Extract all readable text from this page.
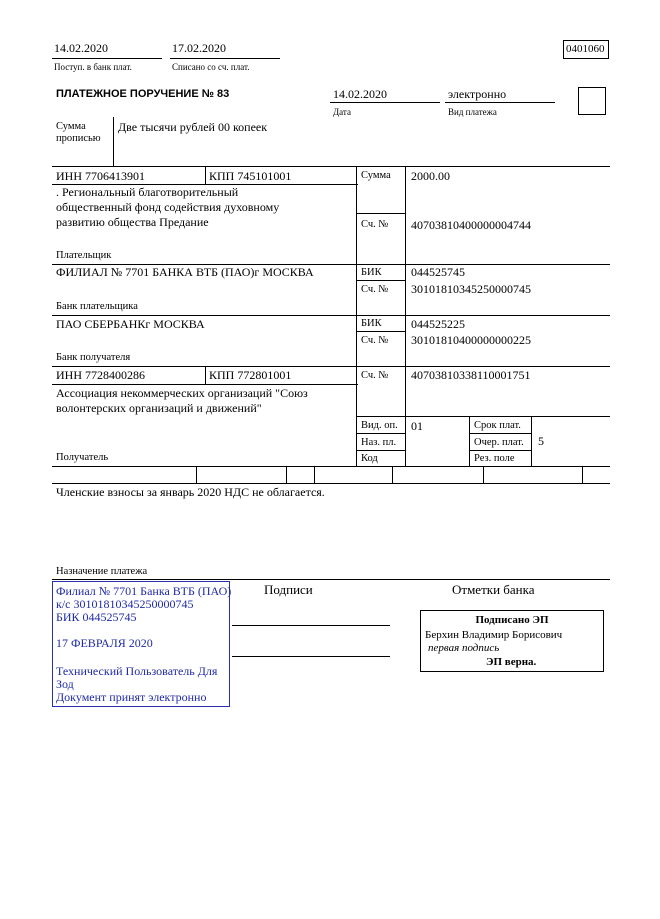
14.02.2020
Поступ. в банк плат.
17.02.2020
Списано со сч. плат.
0401060
ПЛАТЕЖНОЕ ПОРУЧЕНИЕ № 83	14.02.2020
Дата
электронно
Вид платежа
Сумма
прописью
Две тысячи рублей 00 копеек
ИНН 7706413901	КПП 745101001
. Региональный благотворительный
общественный фонд содействия духовному
развитию общества Предание
Плательщик
Сумма 2000.00
Сч. № 40703810400000004744
ФИЛИАЛ № 7701 БАНКА ВТБ (ПАО)г МОСКВА
Банк плательщика
БИК 044525745
Сч. № 30101810345250000745
ПАО СБЕРБАНКг МОСКВА
Банк получателя
БИК 044525225
Сч. № 30101810400000000225
ИНН 7728400286	КПП 772801001
Ассоциация некоммерческих организаций "Союз
волонтерских организаций и движений"
Получатель
Сч. № 40703810338110001751
Вид. оп. 01
Наз. пл.
Код
Срок плат.
Очер. плат. 5
Рез. поле
Членские взносы за январь 2020 НДС не облагается.
Назначение платежа
Подписи	Отметки банка
Филиал № 7701 Банка ВТБ (ПАО)
к/с 30101810345250000745
БИК 044525745
17 ФЕВРАЛЯ 2020
Технический Пользователь Для
Зод
Документ принят электронно
Подписано ЭП
Берхин Владимир Борисович
первая подпись
ЭП верна.
